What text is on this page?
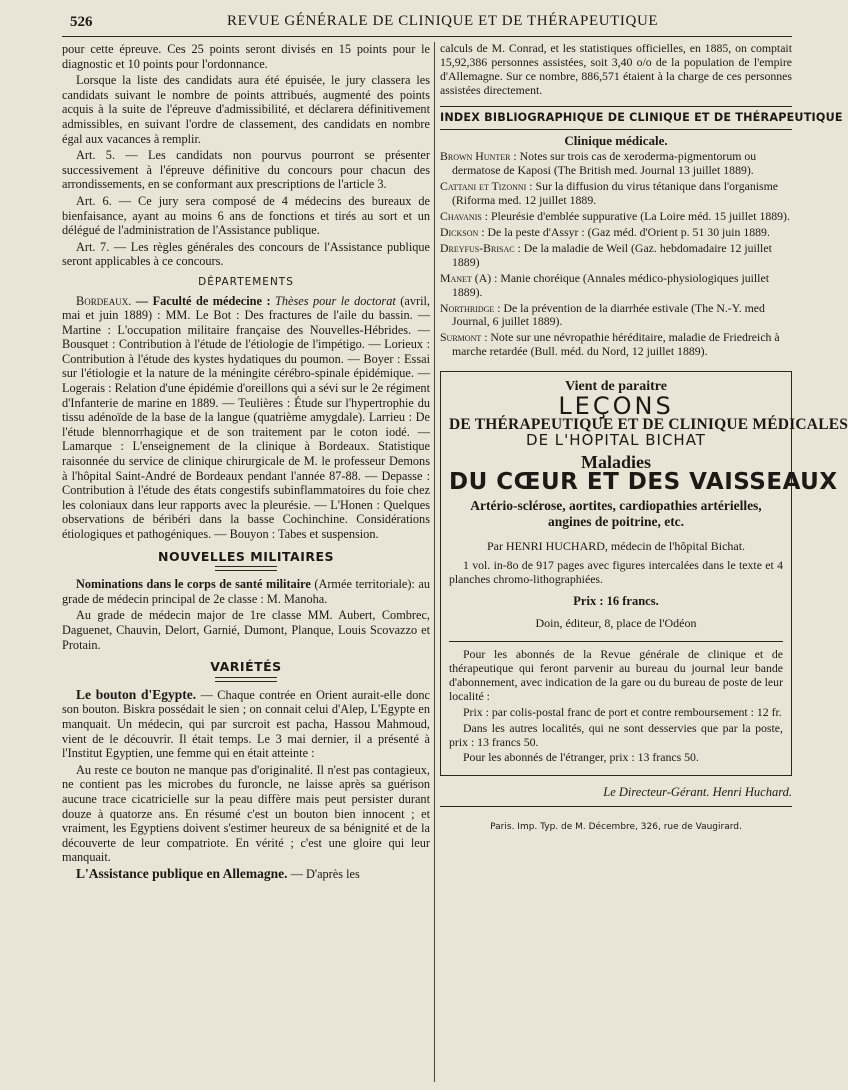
526	REVUE GÉNÉRALE DE CLINIQUE ET DE THÉRAPEUTIQUE

pour cette épreuve. Ces 25 points seront divisés en 15 points pour le diagnostic et 10 points pour l'ordonnance.

Lorsque la liste des candidats aura été épuisée, le jury classera les candidats suivant le nombre de points attribués, augmenté des points acquis à la suite de l'épreuve d'admissibilité, et déclarera définitivement admissibles, en suivant l'ordre de classement, des candidats en nombre égal aux vacances à remplir.

Art. 5. — Les candidats non pourvus pourront se présenter successivement à l'épreuve définitive du concours pour chacun des arrondissements, en se conformant aux prescriptions de l'article 3.

Art. 6. — Ce jury sera composé de 4 médecins des bureaux de bienfaisance, ayant au moins 6 ans de fonctions et tirés au sort et un délégué de l'administration de l'Assistance publique.

Art. 7. — Les règles générales des concours de l'Assistance publique seront applicables à ce concours.

DÉPARTEMENTS

Bordeaux. — Faculté de médecine : Thèses pour le doctorat (avril, mai et juin 1889) : MM. Le Bot : Des fractures de l'aile du bassin. — Martine : L'occupation militaire française des Nouvelles-Hébrides. — Bousquet : Contribution à l'étude de l'étiologie de l'impétigo. — Lorieux : Contribution à l'étude des kystes hydatiques du poumon. — Boyer : Essai sur l'étiologie et la nature de la méningite cérébro-spinale épidémique. — Logerais : Relation d'une épidémie d'oreillons qui a sévi sur le 2e régiment d'Infanterie de marine en 1889. — Teulières : Étude sur l'hypertrophie du tissu adénoïde de la base de la langue (quatrième amygdale). Larrieu : De l'étude blennorrhagique et de son traitement par le coton iodé. — Lamarque : L'enseignement de la clinique à Bordeaux. Statistique raisonnée du service de clinique chirurgicale de M. le professeur Demons à l'hôpital Saint-André de Bordeaux pendant l'année 87-88. — Depasse : Contribution à l'étude des états congestifs subinflammatoires du foie chez les coloniaux dans leur rapports avec la pleurésie. — L'Honen : Quelques observations de béribéri dans la basse Cochinchine. Considérations étiologiques et pathogéniques. — Bouyon : Tabes et suspension.

NOUVELLES MILITAIRES

Nominations dans le corps de santé militaire (Armée territoriale): au grade de médecin principal de 2e classe : M. Manoha.

Au grade de médecin major de 1re classe MM. Aubert, Combrec, Daguenet, Chauvin, Delort, Garnié, Dumont, Planque, Louis Scovazzo et Protain.

VARIÉTÉS

Le bouton d'Egypte. — Chaque contrée en Orient aurait-elle donc son bouton. Biskra possédait le sien ; on connait celui d'Alep, L'Egypte en manquait. Un médecin, qui par surcroit est pacha, Hassou Mahmoud, vient de le découvrir. Il était temps. Le 3 mai dernier, il a présenté à l'Institut Egyptien, une femme qui en était atteinte :

Au reste ce bouton ne manque pas d'originalité. Il n'est pas contagieux, ne contient pas les microbes du furoncle, ne laisse après sa guérison aucune trace cicatricielle sur la peau diffère mais peut persister durant douze à quatorze ans. En résumé c'est un bouton bien innocent ; et vraiment, les Egyptiens doivent s'estimer heureux de sa bénignité et de la découverte de leur compatriote. En vérité ; c'est une gloire qui leur manquait.

L'Assistance publique en Allemagne. — D'après les

calculs de M. Conrad, et les statistiques officielles, en 1885, on comptait 15,92,386 personnes assistées, soit 3,40 o/o de la population de l'empire d'Allemagne. Sur ce nombre, 886,571 étaient à la charge de ces personnes assistées directement.

INDEX BIBLIOGRAPHIQUE DE CLINIQUE ET DE THÉRAPEUTIQUE
Clinique médicale.

Brown Hunter : Notes sur trois cas de xeroderma-pigmentorum ou dermatose de Kaposi (The British med. Journal 13 juillet 1889).

Cattani et Tizonni : Sur la diffusion du virus tétanique dans l'organisme (Riforma med. 12 juillet 1889.

Chavanis : Pleurésie d'emblée suppurative (La Loire méd. 15 juillet 1889).

Dickson : De la peste d'Assyr : (Gaz méd. d'Orient p. 51 30 juin 1889.

Dreyfus-Brisac : De la maladie de Weil (Gaz. hebdomadaire 12 juillet 1889)

Manet (A) : Manie choréique (Annales médico-physiologiques juillet 1889).

Northridge : De la prévention de la diarrhée estivale (The N.-Y. med Journal, 6 juillet 1889).

Surmont : Note sur une névropathie héréditaire, maladie de Friedreich à marche retardée (Bull. méd. du Nord, 12 juillet 1889).

Vient de paraitre
LEÇONS
DE THÉRAPEUTIQUE ET DE CLINIQUE MÉDICALES
DE L'HOPITAL BICHAT
Maladies
DU CŒUR ET DES VAISSEAUX
Artério-sclérose, aortites, cardiopathies artérielles, angines de poitrine, etc.
Par HENRI HUCHARD, médecin de l'hôpital Bichat.

1 vol. in-8o de 917 pages avec figures intercalées dans le texte et 4 planches chromo-lithographiées.

Prix : 16 francs.
Doin, éditeur, 8, place de l'Odéon

Pour les abonnés de la Revue générale de clinique et de thérapeutique qui feront parvenir au bureau du journal leur bande d'abonnement, avec indication de la gare ou du bureau de poste de leur localité :

Prix : par colis-postal franc de port et contre remboursement : 12 fr.

Dans les autres localités, qui ne sont desservies que par la poste, prix : 13 francs 50.

Pour les abonnés de l'étranger, prix : 13 francs 50.

Le Directeur-Gérant. Henri Huchard.
Paris. Imp. Typ. de M. Décembre, 326, rue de Vaugirard.
